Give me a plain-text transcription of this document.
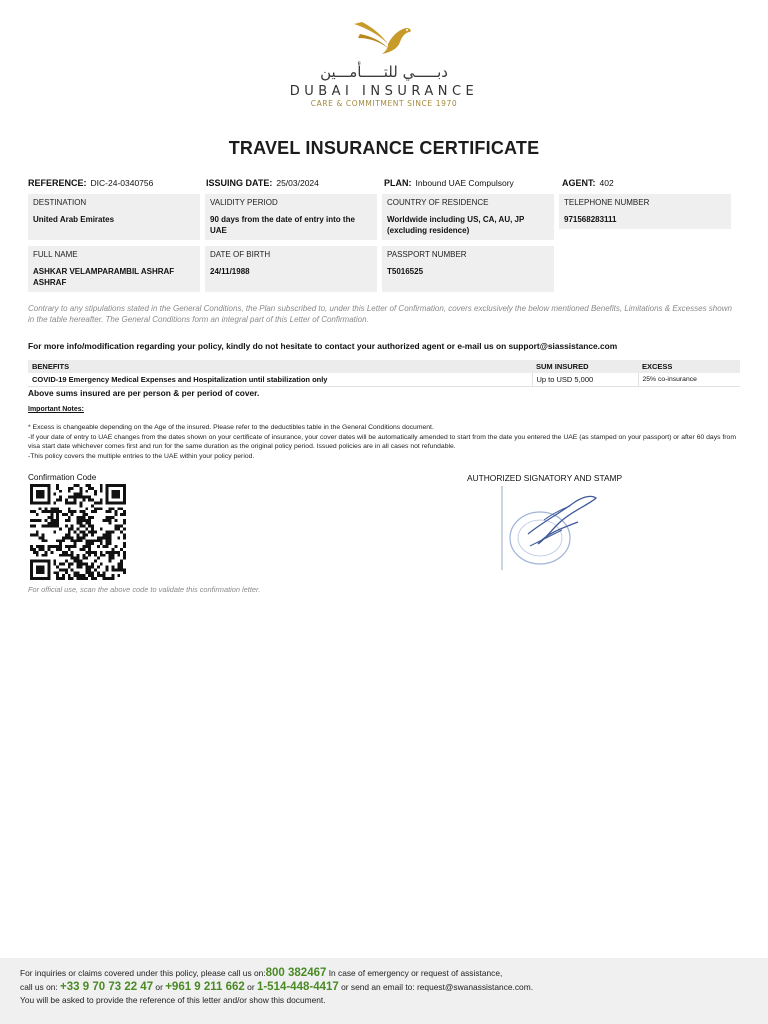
دبـــــي للتـــــأمـــين
DUBAI INSURANCE
CARE & COMMITMENT SINCE 1970
TRAVEL INSURANCE CERTIFICATE
REFERENCE: DIC-24-0340756	ISSUING DATE: 25/03/2024	PLAN: Inbound UAE Compulsory	AGENT: 402
DESTINATION
United Arab Emirates
VALIDITY PERIOD
90 days from the date of entry into the UAE
COUNTRY OF RESIDENCE
Worldwide including US, CA, AU, JP (excluding residence)
TELEPHONE NUMBER
971568283111
FULL NAME
ASHKAR VELAMPARAMBIL ASHRAF ASHRAF
DATE OF BIRTH
24/11/1988
PASSPORT NUMBER
T5016525
Contrary to any stipulations stated in the General Conditions, the Plan subscribed to, under this Letter of Confirmation, covers exclusively the below mentioned Benefits, Limitations & Excesses shown in the table hereafter. The General Conditions form an integral part of this Letter of Confirmation.
For more info/modification regarding your policy, kindly do not hesitate to contact your authorized agent or e-mail us on support@siassistance.com
BENEFITS	SUM INSURED	EXCESS
COVID-19 Emergency Medical Expenses and Hospitalization until stabilization only	Up to USD 5,000	25% co-insurance
Above sums insured are per person & per period of cover.
Important Notes:
* Excess is changeable depending on the Age of the insured. Please refer to the deductibles table in the General Conditions document.
-If your date of entry to UAE changes from the dates shown on your certificate of insurance, your cover dates will be automatically amended to start from the date you entered the UAE (as stamped on your passport) or after 60 days from visa start date whichever comes first and run for the same duration as the original policy period. Issued policies are in all cases not refundable.
-This policy covers the multiple entries to the UAE within your policy period.
Confirmation Code
For official use, scan the above code to validate this confirmation letter.
AUTHORIZED SIGNATORY AND STAMP
For inquiries or claims covered under this policy, please call us on:800 382467 In case of emergency or request of assistance,
call us on: +33 9 70 73 22 47 or +961 9 211 662 or 1-514-448-4417 or send an email to: request@swanassistance.com.
You will be asked to provide the reference of this letter and/or show this document.
